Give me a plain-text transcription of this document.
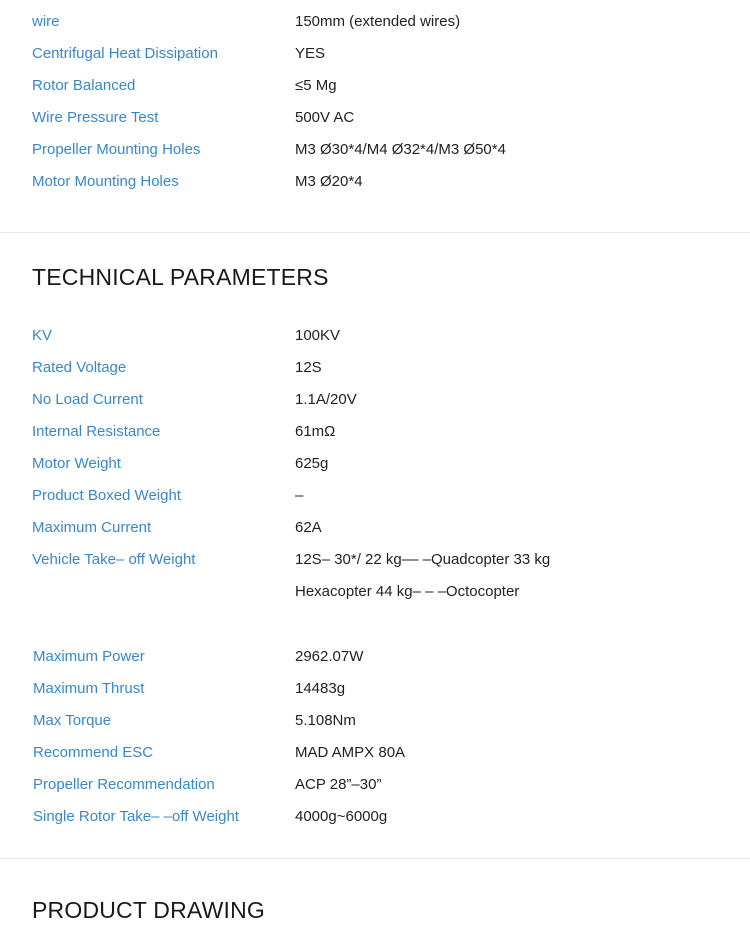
wire	150mm (extended wires)
Centrifugal Heat Dissipation	YES
Rotor Balanced	≤5 Mg
Wire Pressure Test	500V AC
Propeller Mounting Holes	M3 Ø30*4/M4 Ø32*4/M3 Ø50*4
Motor Mounting Holes	M3 Ø20*4
TECHNICAL PARAMETERS
KV	100KV
Rated Voltage	12S
No Load Current	1.1A/20V
Internal Resistance	61mΩ
Motor Weight	625g
Product Boxed Weight	–
Maximum Current	62A
Vehicle Take– off Weight	12S– 30*/ 22 kg–– –Quadcopter 33 kg
Hexacopter 44 kg– – –Octocopter
Maximum Power	2962.07W
Maximum Thrust	14483g
Max Torque	5.108Nm
Recommend ESC	MAD AMPX 80A
Propeller Recommendation	ACP 28”–30”
Single Rotor Take– –off Weight	4000g~6000g
PRODUCT DRAWING
